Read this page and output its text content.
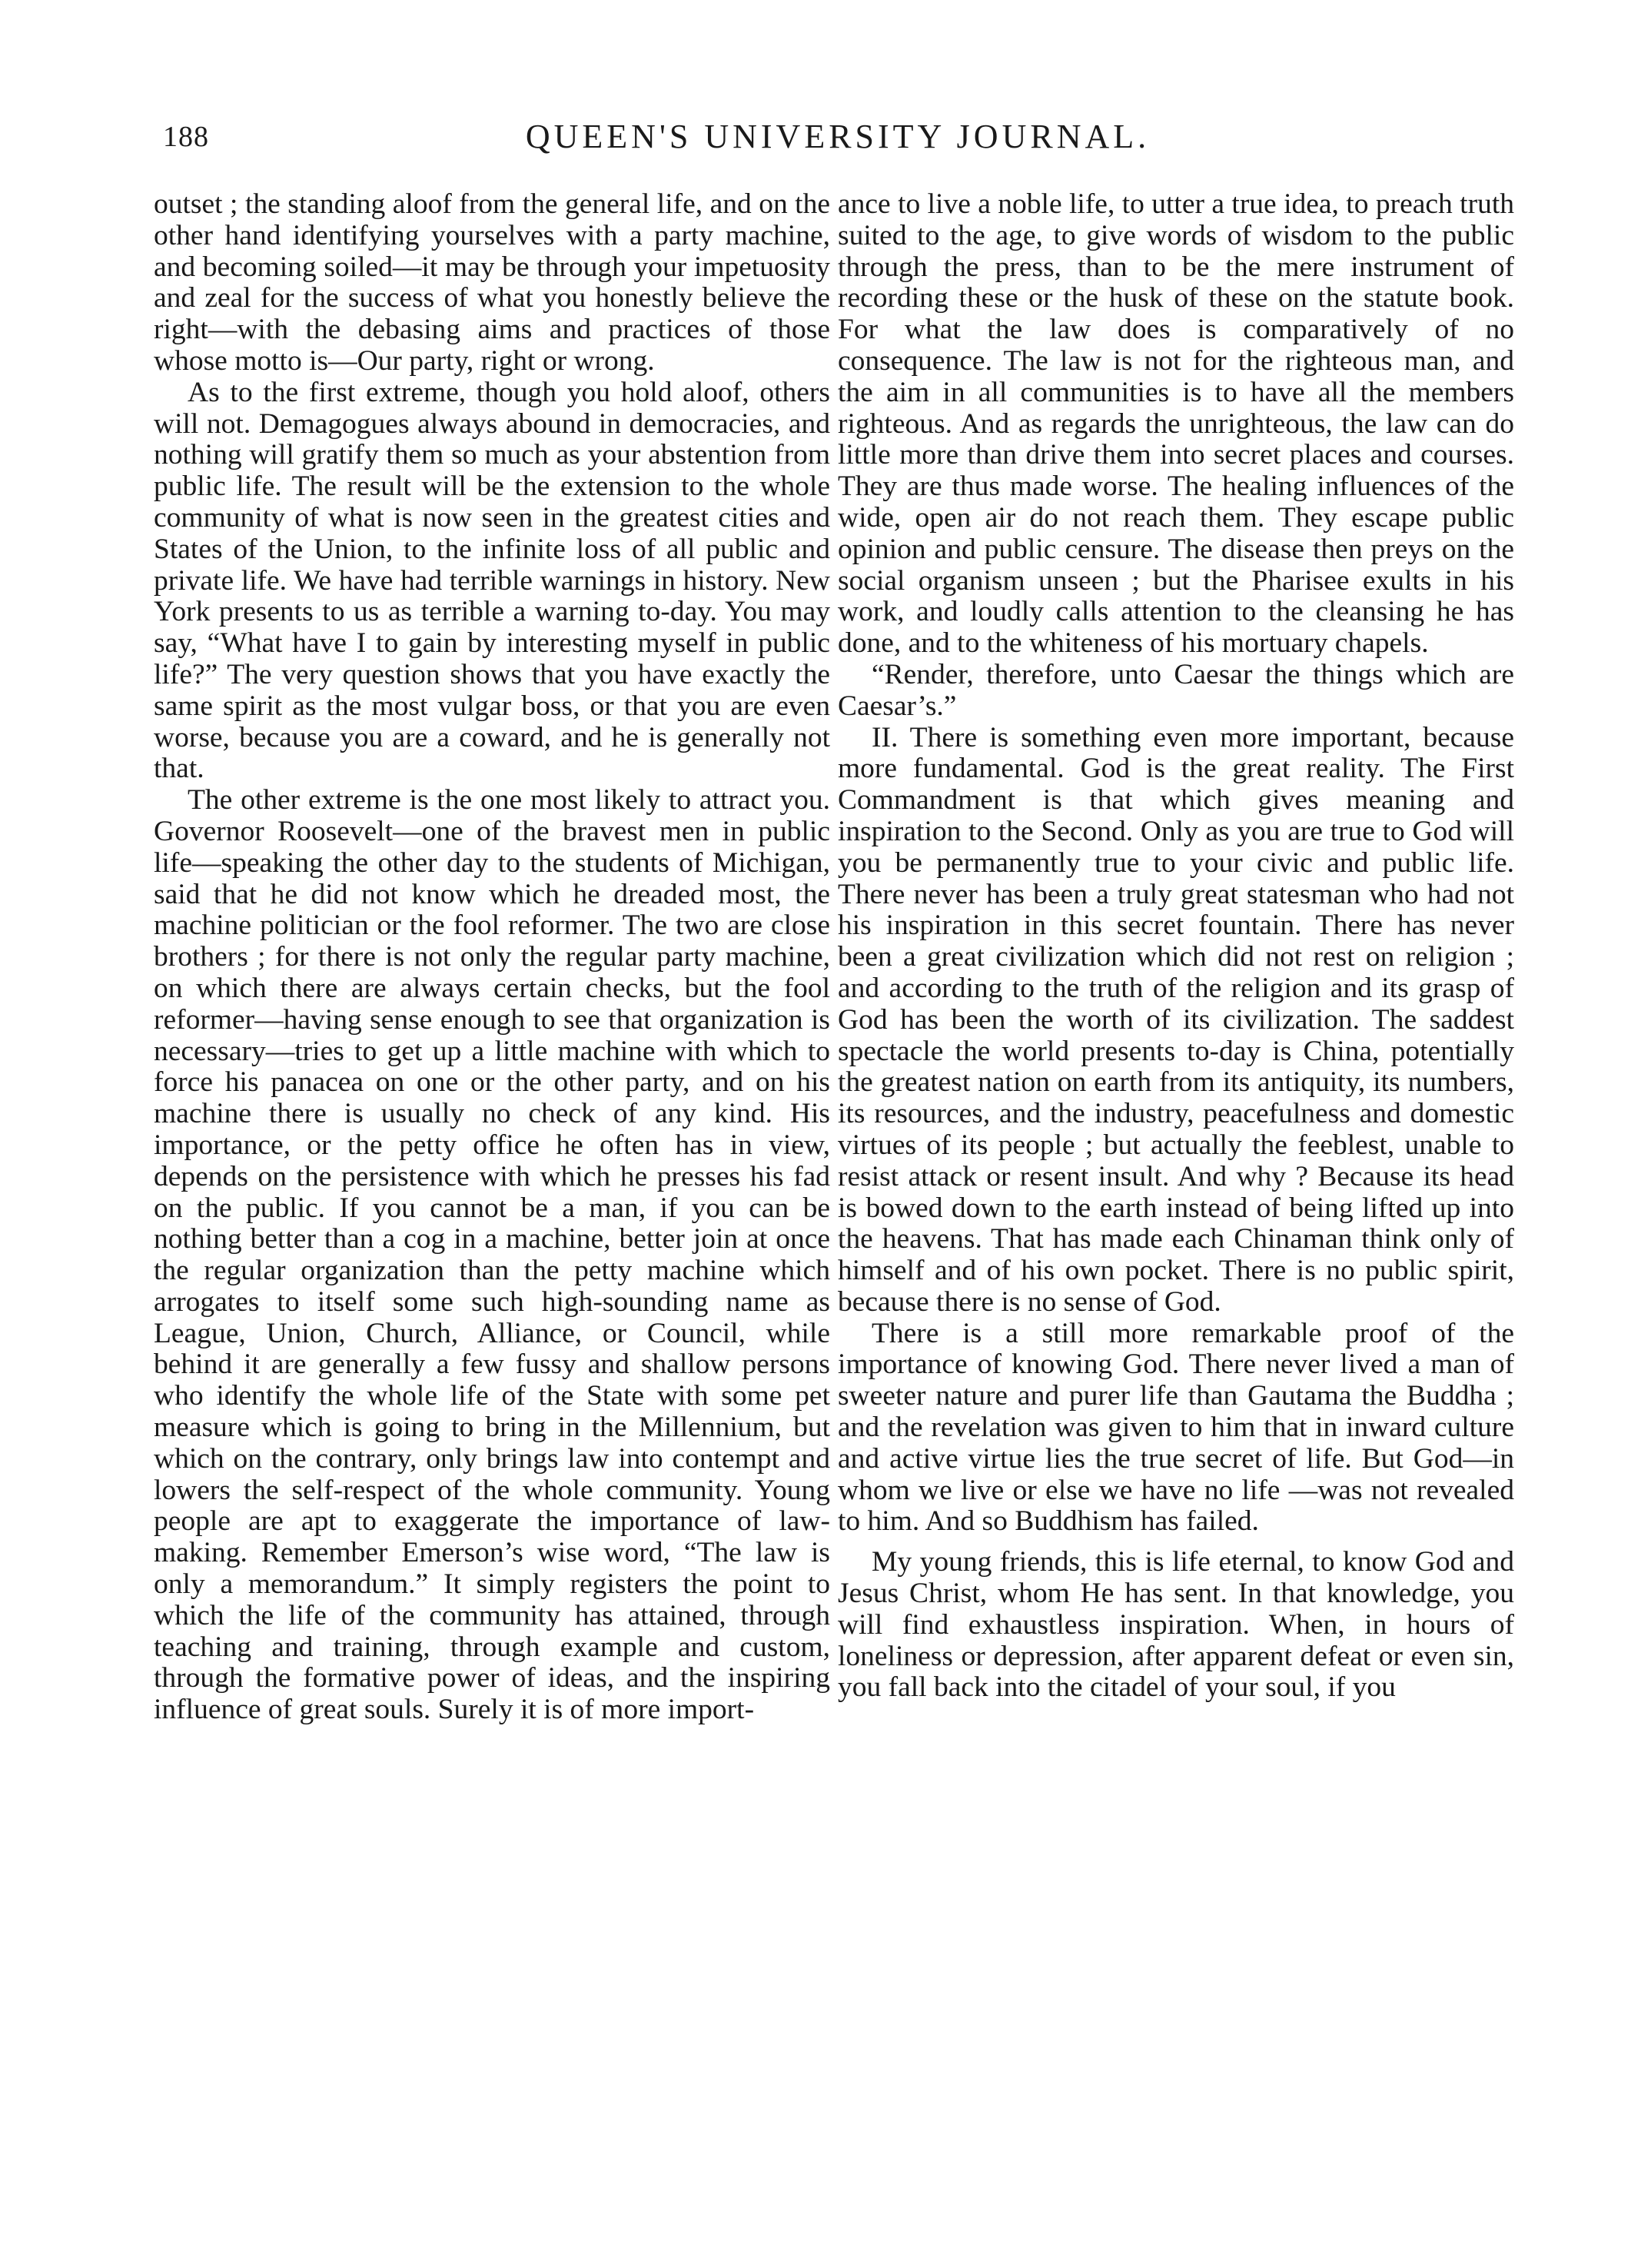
188	QUEEN'S UNIVERSITY JOURNAL.

outset ; the standing aloof from the general life, and on the other hand identifying yourselves with a party machine, and becoming soiled—it may be through your impetuosity and zeal for the success of what you honestly believe the right—with the debasing aims and practices of those whose motto is—Our party, right or wrong.

As to the first extreme, though you hold aloof, others will not. Demagogues always abound in democracies, and nothing will gratify them so much as your abstention from public life. The result will be the extension to the whole community of what is now seen in the greatest cities and States of the Union, to the infinite loss of all public and private life. We have had terrible warnings in history. New York presents to us as terrible a warning to-day. You may say, “What have I to gain by interesting myself in public life?” The very question shows that you have exactly the same spirit as the most vulgar boss, or that you are even worse, because you are a coward, and he is generally not that.

The other extreme is the one most likely to attract you. Governor Roosevelt—one of the bravest men in public life—speaking the other day to the students of Michigan, said that he did not know which he dreaded most, the machine politician or the fool reformer. The two are close brothers ; for there is not only the regular party machine, on which there are always certain checks, but the fool reformer—having sense enough to see that organization is necessary—tries to get up a little machine with which to force his panacea on one or the other party, and on his machine there is usually no check of any kind. His importance, or the petty office he often has in view, depends on the persistence with which he presses his fad on the public. If you cannot be a man, if you can be nothing better than a cog in a machine, better join at once the regular organization than the petty machine which arrogates to itself some such high-sounding name as League, Union, Church, Alliance, or Council, while behind it are generally a few fussy and shallow persons who identify the whole life of the State with some pet measure which is going to bring in the Millennium, but which on the contrary, only brings law into contempt and lowers the self-respect of the whole community. Young people are apt to exaggerate the importance of law-making. Remember Emerson’s wise word, “The law is only a memorandum.” It simply registers the point to which the life of the community has attained, through teaching and training, through example and custom, through the formative power of ideas, and the inspiring influence of great souls. Surely it is of more import-

ance to live a noble life, to utter a true idea, to preach truth suited to the age, to give words of wisdom to the public through the press, than to be the mere instrument of recording these or the husk of these on the statute book. For what the law does is comparatively of no consequence. The law is not for the righteous man, and the aim in all communities is to have all the members righteous. And as regards the unrighteous, the law can do little more than drive them into secret places and courses. They are thus made worse. The healing influences of the wide, open air do not reach them. They escape public opinion and public censure. The disease then preys on the social organism unseen ; but the Pharisee exults in his work, and loudly calls attention to the cleansing he has done, and to the whiteness of his mortuary chapels.

“Render, therefore, unto Caesar the things which are Caesar’s.”

II. There is something even more important, because more fundamental. God is the great reality. The First Commandment is that which gives meaning and inspiration to the Second. Only as you are true to God will you be permanently true to your civic and public life. There never has been a truly great statesman who had not his inspiration in this secret fountain. There has never been a great civilization which did not rest on religion ; and according to the truth of the religion and its grasp of God has been the worth of its civilization. The saddest spectacle the world presents to-day is China, potentially the greatest nation on earth from its antiquity, its numbers, its resources, and the industry, peacefulness and domestic virtues of its people ; but actually the feeblest, unable to resist attack or resent insult. And why ? Because its head is bowed down to the earth instead of being lifted up into the heavens. That has made each Chinaman think only of himself and of his own pocket. There is no public spirit, because there is no sense of God.

There is a still more remarkable proof of the importance of knowing God. There never lived a man of sweeter nature and purer life than Gautama the Buddha ; and the revelation was given to him that in inward culture and active virtue lies the true secret of life. But God—in whom we live or else we have no life —was not revealed to him. And so Buddhism has failed.

My young friends, this is life eternal, to know God and Jesus Christ, whom He has sent. In that knowledge, you will find exhaustless inspiration. When, in hours of loneliness or depression, after apparent defeat or even sin, you fall back into the citadel of your soul, if you
